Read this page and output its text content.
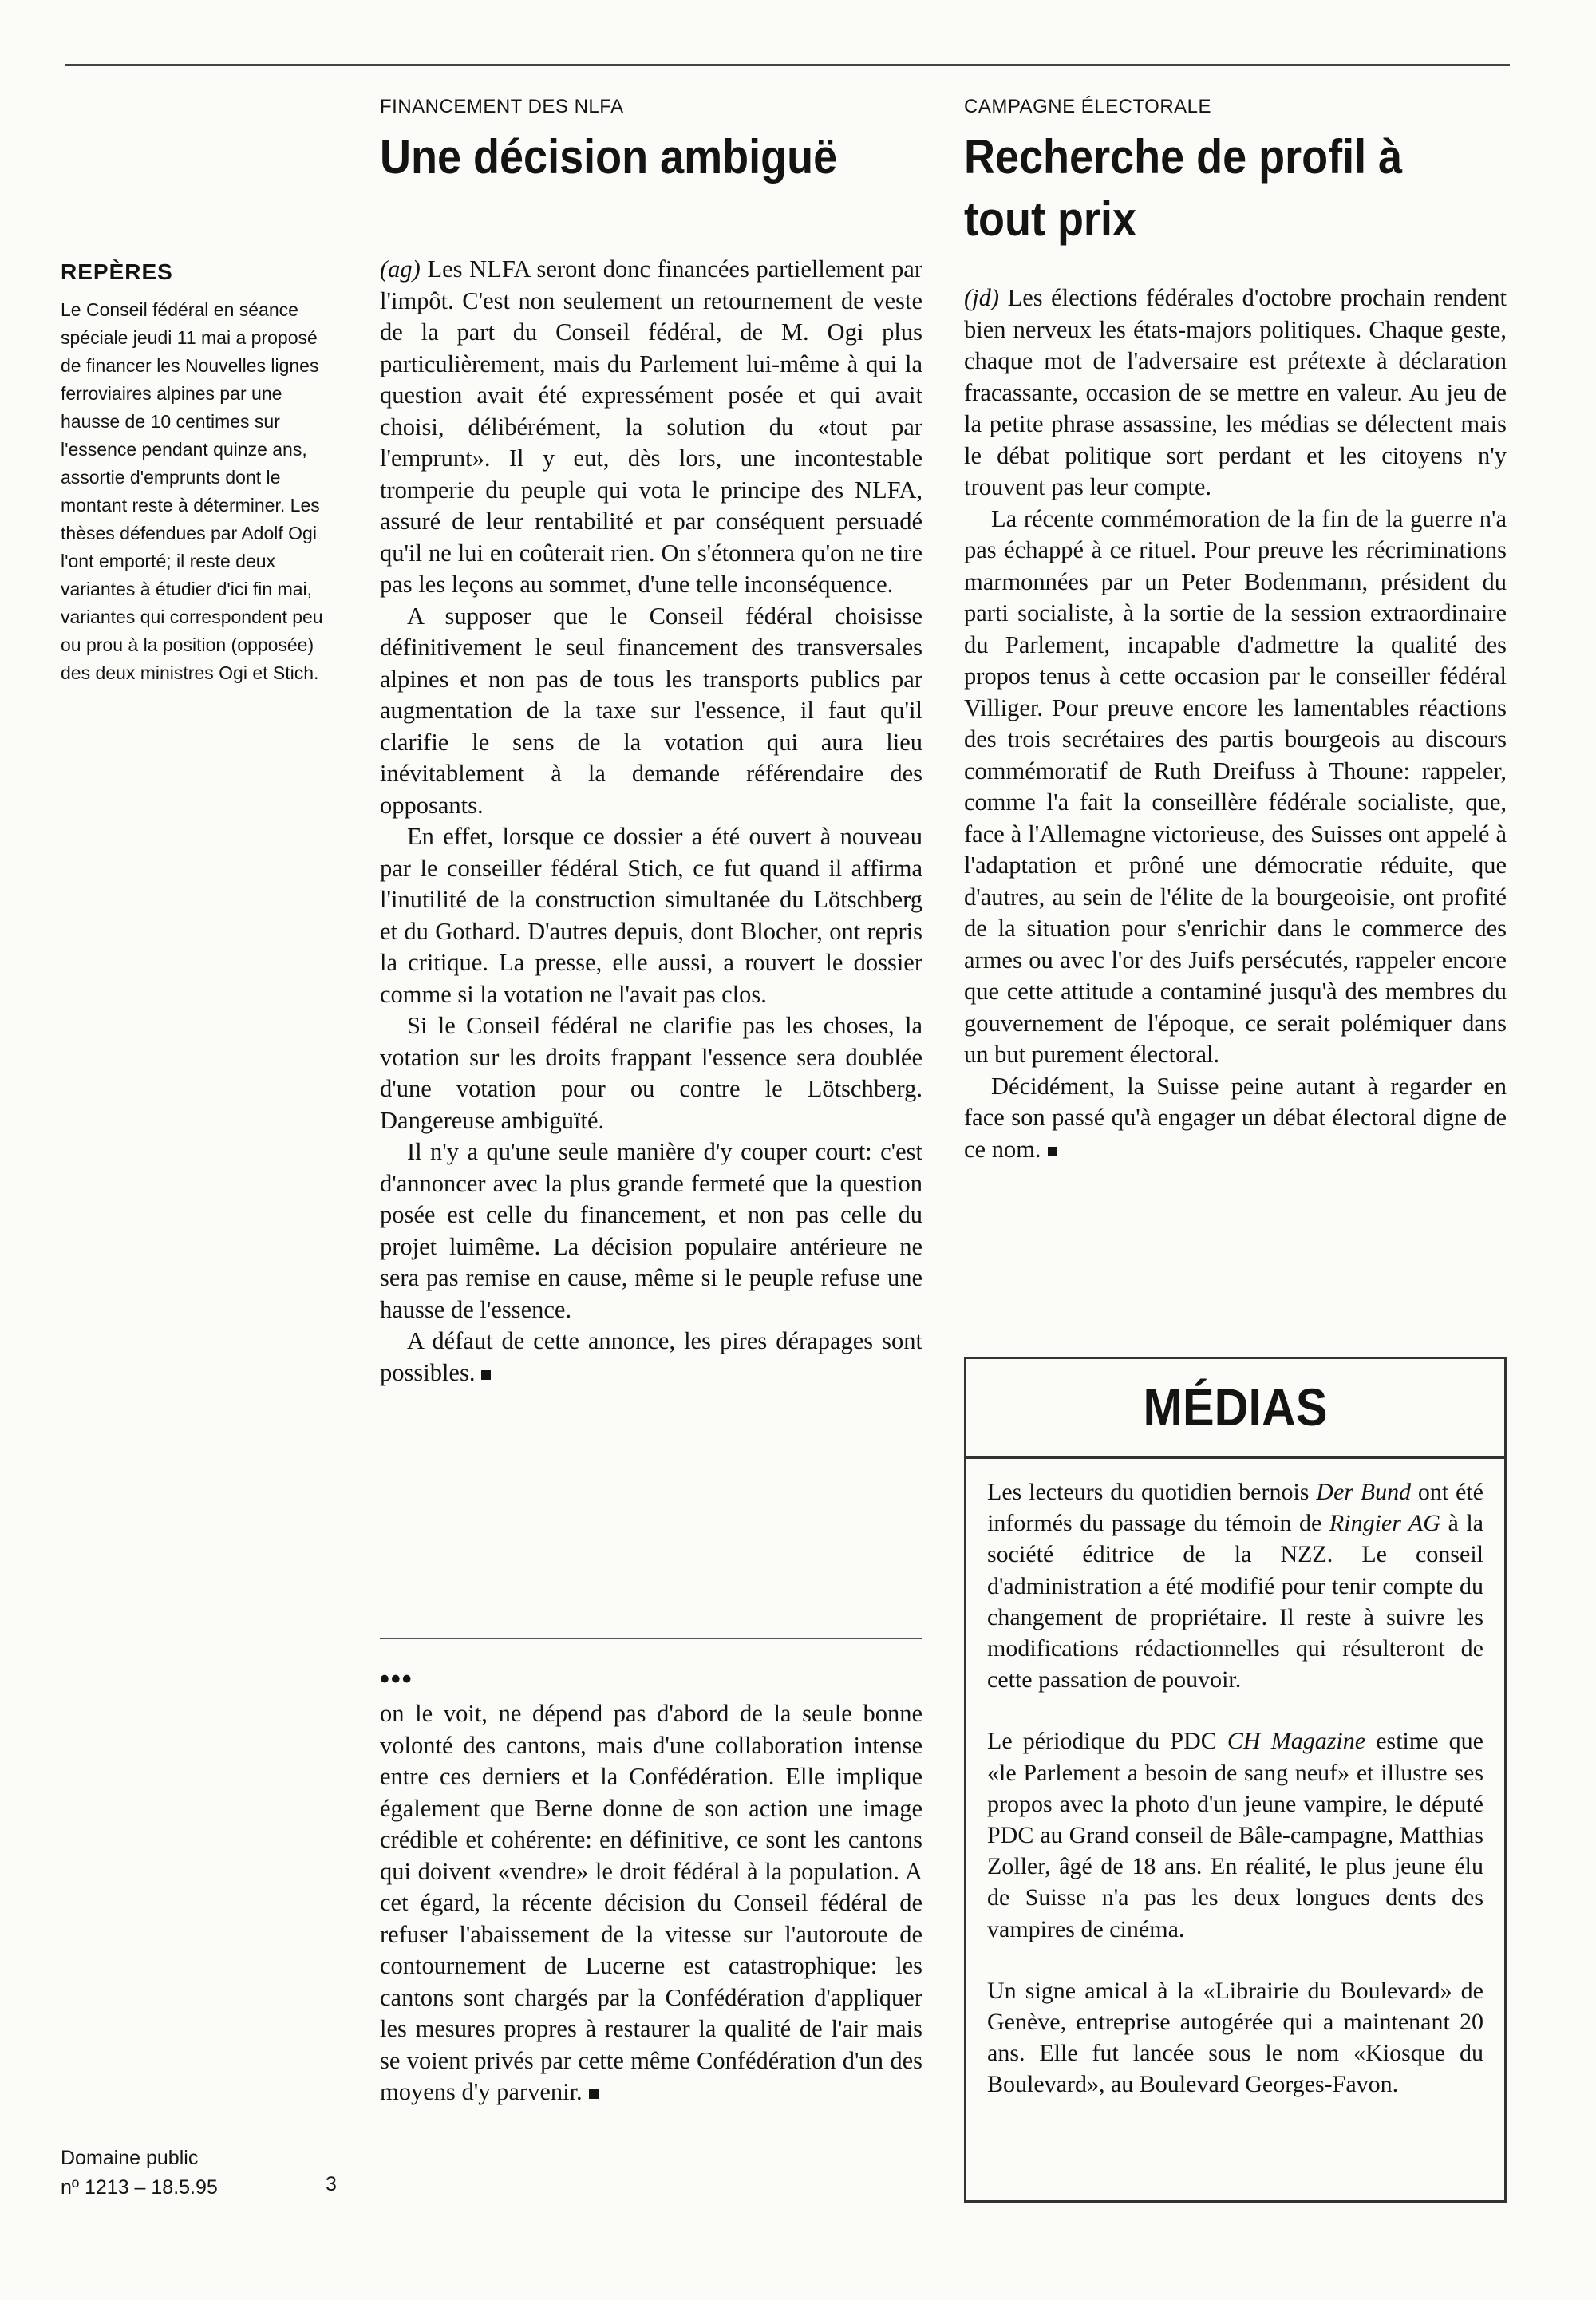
REPÈRES

Le Conseil fédéral en séance spéciale jeudi 11 mai a proposé de financer les Nouvelles lignes ferroviaires alpines par une hausse de 10 centimes sur l'essence pendant quinze ans, assortie d'emprunts dont le montant reste à déterminer. Les thèses défendues par Adolf Ogi l'ont emporté; il reste deux variantes à étudier d'ici fin mai, variantes qui correspondent peu ou prou à la position (opposée) des deux ministres Ogi et Stich.

FINANCEMENT DES NLFA
Une décision ambiguë

(ag) Les NLFA seront donc financées partiellement par l'impôt. C'est non seulement un retournement de veste de la part du Conseil fédéral, de M. Ogi plus particulièrement, mais du Parlement lui-même à qui la question avait été expressément posée et qui avait choisi, délibérément, la solution du «tout par l'emprunt». Il y eut, dès lors, une incontestable tromperie du peuple qui vota le principe des NLFA, assuré de leur rentabilité et par conséquent persuadé qu'il ne lui en coûterait rien. On s'étonnera qu'on ne tire pas les leçons au sommet, d'une telle inconséquence.

A supposer que le Conseil fédéral choisisse définitivement le seul financement des transversales alpines et non pas de tous les transports publics par augmentation de la taxe sur l'essence, il faut qu'il clarifie le sens de la votation qui aura lieu inévitablement à la demande référendaire des opposants.

En effet, lorsque ce dossier a été ouvert à nouveau par le conseiller fédéral Stich, ce fut quand il affirma l'inutilité de la construction simultanée du Lötschberg et du Gothard. D'autres depuis, dont Blocher, ont repris la critique. La presse, elle aussi, a rouvert le dossier comme si la votation ne l'avait pas clos.

Si le Conseil fédéral ne clarifie pas les choses, la votation sur les droits frappant l'essence sera doublée d'une votation pour ou contre le Lötschberg. Dangereuse ambiguïté.

Il n'y a qu'une seule manière d'y couper court: c'est d'annoncer avec la plus grande fermeté que la question posée est celle du financement, et non pas celle du projet luimême. La décision populaire antérieure ne sera pas remise en cause, même si le peuple refuse une hausse de l'essence.

A défaut de cette annonce, les pires dérapages sont possibles.

•••

on le voit, ne dépend pas d'abord de la seule bonne volonté des cantons, mais d'une collaboration intense entre ces derniers et la Confédération. Elle implique également que Berne donne de son action une image crédible et cohérente: en définitive, ce sont les cantons qui doivent «vendre» le droit fédéral à la population. A cet égard, la récente décision du Conseil fédéral de refuser l'abaissement de la vitesse sur l'autoroute de contournement de Lucerne est catastrophique: les cantons sont chargés par la Confédération d'appliquer les mesures propres à restaurer la qualité de l'air mais se voient privés par cette même Confédération d'un des moyens d'y parvenir.

CAMPAGNE ÉLECTORALE
Recherche de profil à tout prix

(jd) Les élections fédérales d'octobre prochain rendent bien nerveux les états-majors politiques. Chaque geste, chaque mot de l'adversaire est prétexte à déclaration fracassante, occasion de se mettre en valeur. Au jeu de la petite phrase assassine, les médias se délectent mais le débat politique sort perdant et les citoyens n'y trouvent pas leur compte.

La récente commémoration de la fin de la guerre n'a pas échappé à ce rituel. Pour preuve les récriminations marmonnées par un Peter Bodenmann, président du parti socialiste, à la sortie de la session extraordinaire du Parlement, incapable d'admettre la qualité des propos tenus à cette occasion par le conseiller fédéral Villiger. Pour preuve encore les lamentables réactions des trois secrétaires des partis bourgeois au discours commémoratif de Ruth Dreifuss à Thoune: rappeler, comme l'a fait la conseillère fédérale socialiste, que, face à l'Allemagne victorieuse, des Suisses ont appelé à l'adaptation et prôné une démocratie réduite, que d'autres, au sein de l'élite de la bourgeoisie, ont profité de la situation pour s'enrichir dans le commerce des armes ou avec l'or des Juifs persécutés, rappeler encore que cette attitude a contaminé jusqu'à des membres du gouvernement de l'époque, ce serait polémiquer dans un but purement électoral.

Décidément, la Suisse peine autant à regarder en face son passé qu'à engager un débat électoral digne de ce nom.

MÉDIAS

Les lecteurs du quotidien bernois Der Bund ont été informés du passage du témoin de Ringier AG à la société éditrice de la NZZ. Le conseil d'administration a été modifié pour tenir compte du changement de propriétaire. Il reste à suivre les modifications rédactionnelles qui résulteront de cette passation de pouvoir.

Le périodique du PDC CH Magazine estime que «le Parlement a besoin de sang neuf» et illustre ses propos avec la photo d'un jeune vampire, le député PDC au Grand conseil de Bâle-campagne, Matthias Zoller, âgé de 18 ans. En réalité, le plus jeune élu de Suisse n'a pas les deux longues dents des vampires de cinéma.

Un signe amical à la «Librairie du Boulevard» de Genève, entreprise autogérée qui a maintenant 20 ans. Elle fut lancée sous le nom «Kiosque du Boulevard», au Boulevard Georges-Favon.

Domaine public
nº 1213 – 18.5.95	3
